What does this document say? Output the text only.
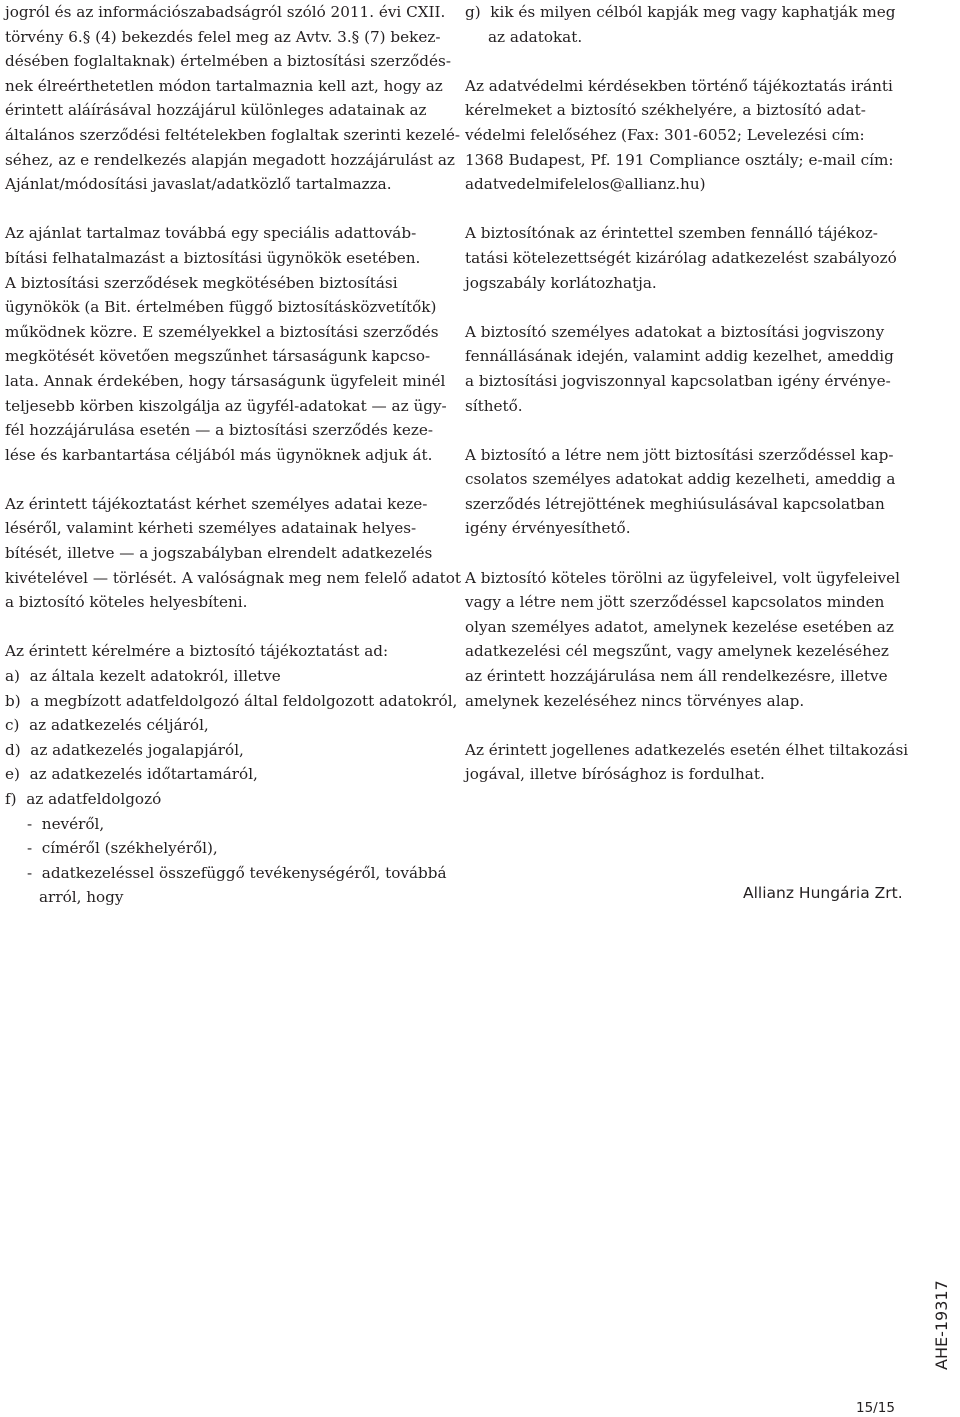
jogról és az információszabadságról szóló 2011. évi CXII.
törvény 6.§ (4) bekezdés felel meg az Avtv. 3.§ (7) bekez-
désében foglaltaknak) értelmében a biztosítási szerződés-
nek élreérthetetlen módon tartalmaznia kell azt, hogy az
érintett aláírásával hozzájárul különleges adatainak az
általános szerződési feltételekben foglaltak szerinti kezelé-
séhez, az e rendelkezés alapján megadott hozzájárulást az
Ajánlat/módosítási javaslat/adatközlő tartalmazza.

Az ajánlat tartalmaz továbbá egy speciális adattováb-
bítási felhatalmazást a biztosítási ügynökök esetében.
A biztosítási szerződések megkötésében biztosítási
ügynökök (a Bit. értelmében függő biztosításközvetítők)
működnek közre. E személyekkel a biztosítási szerződés
megkötését követően megszűnhet társaságunk kapcso-
lata. Annak érdekében, hogy társaságunk ügyfeleit minél
teljesebb körben kiszolgálja az ügyfél-adatokat — az ügy-
fél hozzájárulása esetén — a biztosítási szerződés keze-
lése és karbantartása céljából más ügynöknek adjuk át.

Az érintett tájékoztatást kérhet személyes adatai keze-
léséről, valamint kérheti személyes adatainak helyes-
bítését, illetve — a jogszabályban elrendelt adatkezelés
kivételével — törlését. A valóságnak meg nem felelő adatot
a biztosító köteles helyesbíteni.

Az érintett kérelmére a biztosító tájékoztatást ad:

a)  az általa kezelt adatokról, illetve
b)  a megbízott adatfeldolgozó által feldolgozott adatokról,
c)  az adatkezelés céljáról,
d)  az adatkezelés jogalapjáról,
e)  az adatkezelés időtartamáról,
f)  az adatfeldolgozó
-  nevéről,
-  címéről (székhelyéről),
-  adatkezeléssel összefüggő tevékenységéről, továbbá
arról, hogy
g)  kik és milyen célból kapják meg vagy kaphatják meg
az adatokat.

Az adatvédelmi kérdésekben történő tájékoztatás iránti
kérelmeket a biztosító székhelyére, a biztosító adat-
védelmi felelőséhez (Fax: 301-6052; Levelezési cím:
1368 Budapest, Pf. 191 Compliance osztály; e-mail cím:
adatvedelmifelelos@allianz.hu)

A biztosítónak az érintettel szemben fennálló tájékoz-
tatási kötelezettségét kizárólag adatkezelést szabályozó
jogszabály korlátozhatja.

A biztosító személyes adatokat a biztosítási jogviszony
fennállásának idején, valamint addig kezelhet, ameddig
a biztosítási jogviszonnyal kapcsolatban igény érvénye-
síthető.

A biztosító a létre nem jött biztosítási szerződéssel kap-
csolatos személyes adatokat addig kezelheti, ameddig a
szerződés létrejöttének meghiúsulásával kapcsolatban
igény érvényesíthető.

A biztosító köteles törölni az ügyfeleivel, volt ügyfeleivel
vagy a létre nem jött szerződéssel kapcsolatos minden
olyan személyes adatot, amelynek kezelése esetében az
adatkezelési cél megszűnt, vagy amelynek kezeléséhez
az érintett hozzájárulása nem áll rendelkezésre, illetve
amelynek kezeléséhez nincs törvényes alap.

Az érintett jogellenes adatkezelés esetén élhet tiltakozási
jogával, illetve bírósághoz is fordulhat.

Allianz Hungária Zrt.
AHE-19317
15/15
